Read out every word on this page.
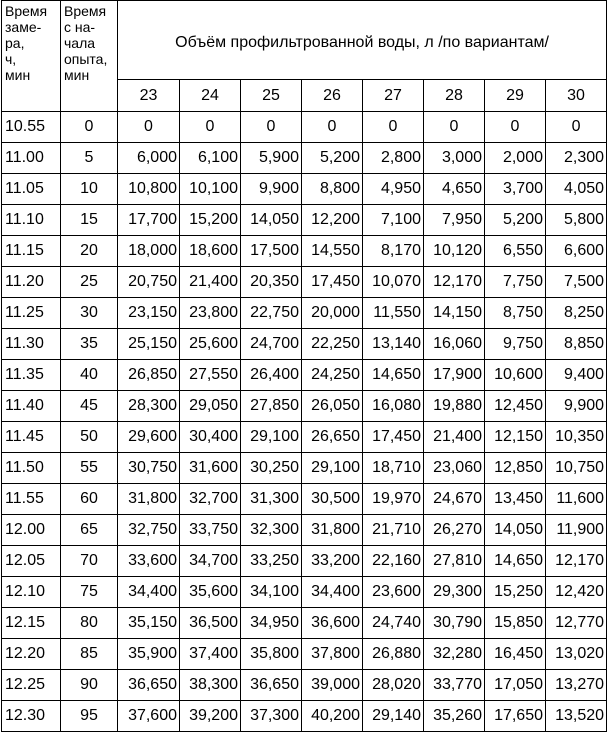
Время
заме-
ра,
ч,
мин	Время
с на-
чала
опыта,
мин	Объём профильтрованной воды, л /по вариантам/							
		23	24	25	26	27	28	29	30
10.55	0	0	0	0	0	0	0	0	0
11.00	5	6,000	6,100	5,900	5,200	2,800	3,000	2,000	2,300
11.05	10	10,800	10,100	9,900	8,800	4,950	4,650	3,700	4,050
11.10	15	17,700	15,200	14,050	12,200	7,100	7,950	5,200	5,800
11.15	20	18,000	18,600	17,500	14,550	8,170	10,120	6,550	6,600
11.20	25	20,750	21,400	20,350	17,450	10,070	12,170	7,750	7,500
11.25	30	23,150	23,800	22,750	20,000	11,550	14,150	8,750	8,250
11.30	35	25,150	25,600	24,700	22,250	13,140	16,060	9,750	8,850
11.35	40	26,850	27,550	26,400	24,250	14,650	17,900	10,600	9,400
11.40	45	28,300	29,050	27,850	26,050	16,080	19,880	12,450	9,900
11.45	50	29,600	30,400	29,100	26,650	17,450	21,400	12,150	10,350
11.50	55	30,750	31,600	30,250	29,100	18,710	23,060	12,850	10,750
11.55	60	31,800	32,700	31,300	30,500	19,970	24,670	13,450	11,600
12.00	65	32,750	33,750	32,300	31,800	21,710	26,270	14,050	11,900
12.05	70	33,600	34,700	33,250	33,200	22,160	27,810	14,650	12,170
12.10	75	34,400	35,600	34,100	34,400	23,600	29,300	15,250	12,420
12.15	80	35,150	36,500	34,950	36,600	24,740	30,790	15,850	12,770
12.20	85	35,900	37,400	35,800	37,800	26,880	32,280	16,450	13,020
12.25	90	36,650	38,300	36,650	39,000	28,020	33,770	17,050	13,270
12.30	95	37,600	39,200	37,300	40,200	29,140	35,260	17,650	13,520
